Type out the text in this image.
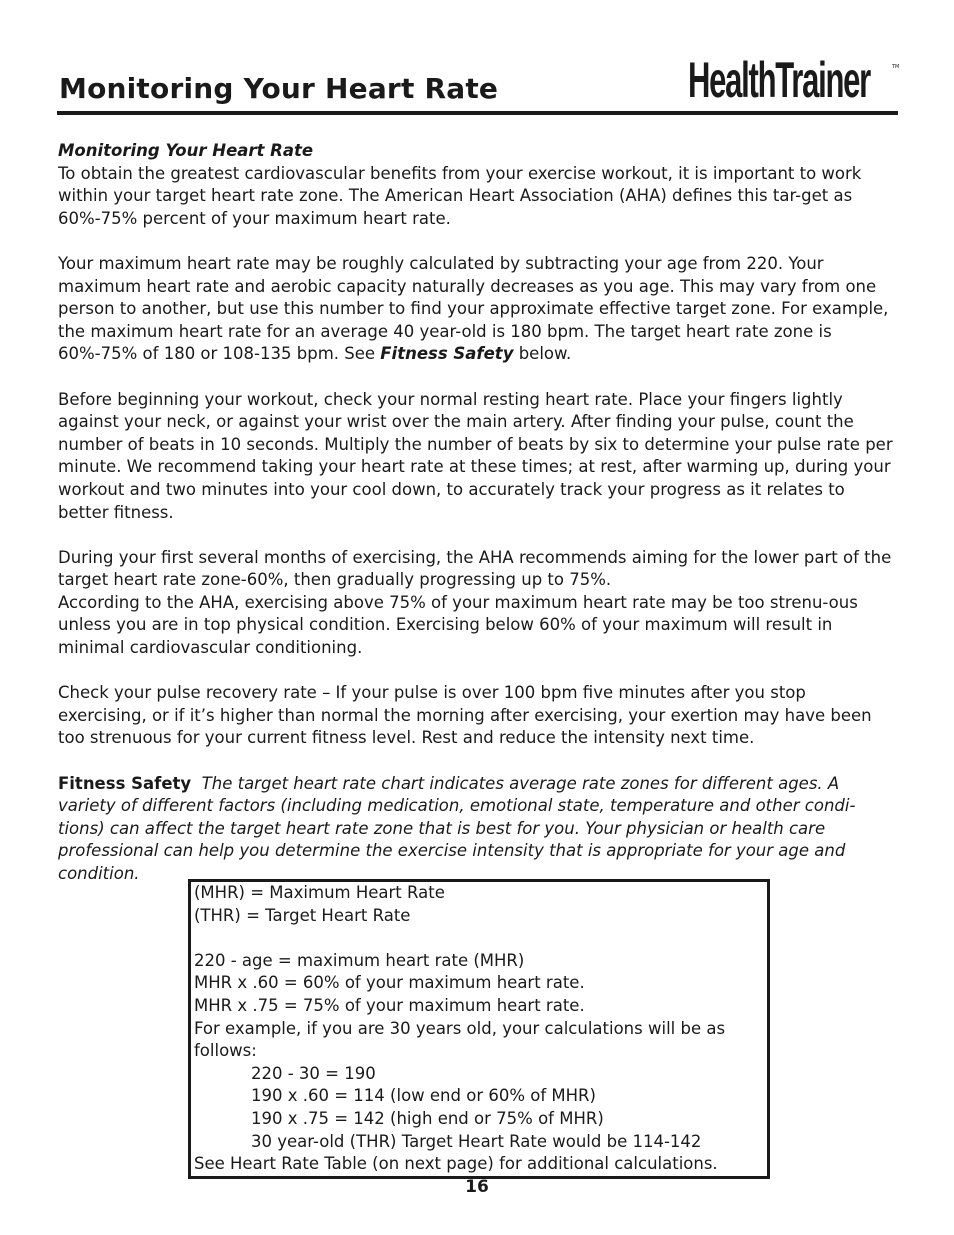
Monitoring Your Heart Rate	HealthTrainer	TM

Monitoring Your Heart Rate
To obtain the greatest cardiovascular benefits from your exercise workout, it is important to work within your target heart rate zone. The American Heart Association (AHA) defines this tar-get as 60%-75% percent of your maximum heart rate.

Your maximum heart rate may be roughly calculated by subtracting your age from 220. Your maximum heart rate and aerobic capacity naturally decreases as you age. This may vary from one person to another, but use this number to find your approximate effective target zone. For example, the maximum heart rate for an average 40 year-old is 180 bpm. The target heart rate zone is 60%-75% of 180 or 108-135 bpm. See Fitness Safety below.

Before beginning your workout, check your normal resting heart rate. Place your fingers lightly against your neck, or against your wrist over the main artery. After finding your pulse, count the number of beats in 10 seconds. Multiply the number of beats by six to determine your pulse rate per minute. We recommend taking your heart rate at these times; at rest, after warming up, during your workout and two minutes into your cool down, to accurately track your progress as it relates to better fitness.

During your first several months of exercising, the AHA recommends aiming for the lower part of the target heart rate zone-60%, then gradually progressing up to 75%.

According to the AHA, exercising above 75% of your maximum heart rate may be too strenu-ous unless you are in top physical condition. Exercising below 60% of your maximum will result in minimal cardiovascular conditioning.

Check your pulse recovery rate – If your pulse is over 100 bpm five minutes after you stop exercising, or if it’s higher than normal the morning after exercising, your exertion may have been too strenuous for your current fitness level. Rest and reduce the intensity next time.

Fitness Safety The target heart rate chart indicates average rate zones for different ages. A variety of different factors (including medication, emotional state, temperature and other condi-tions) can affect the target heart rate zone that is best for you. Your physician or health care professional can help you determine the exercise intensity that is appropriate for your age and condition.

(MHR) = Maximum Heart Rate
(THR) = Target Heart Rate
220 - age = maximum heart rate (MHR)
MHR x .60 = 60% of your maximum heart rate.
MHR x .75 = 75% of your maximum heart rate.
For example, if you are 30 years old, your calculations will be as follows:
220 - 30 = 190
190 x .60 = 114 (low end or 60% of MHR)
190 x .75 = 142 (high end or 75% of MHR)
30 year-old (THR) Target Heart Rate would be 114-142
See Heart Rate Table (on next page) for additional calculations.
16
